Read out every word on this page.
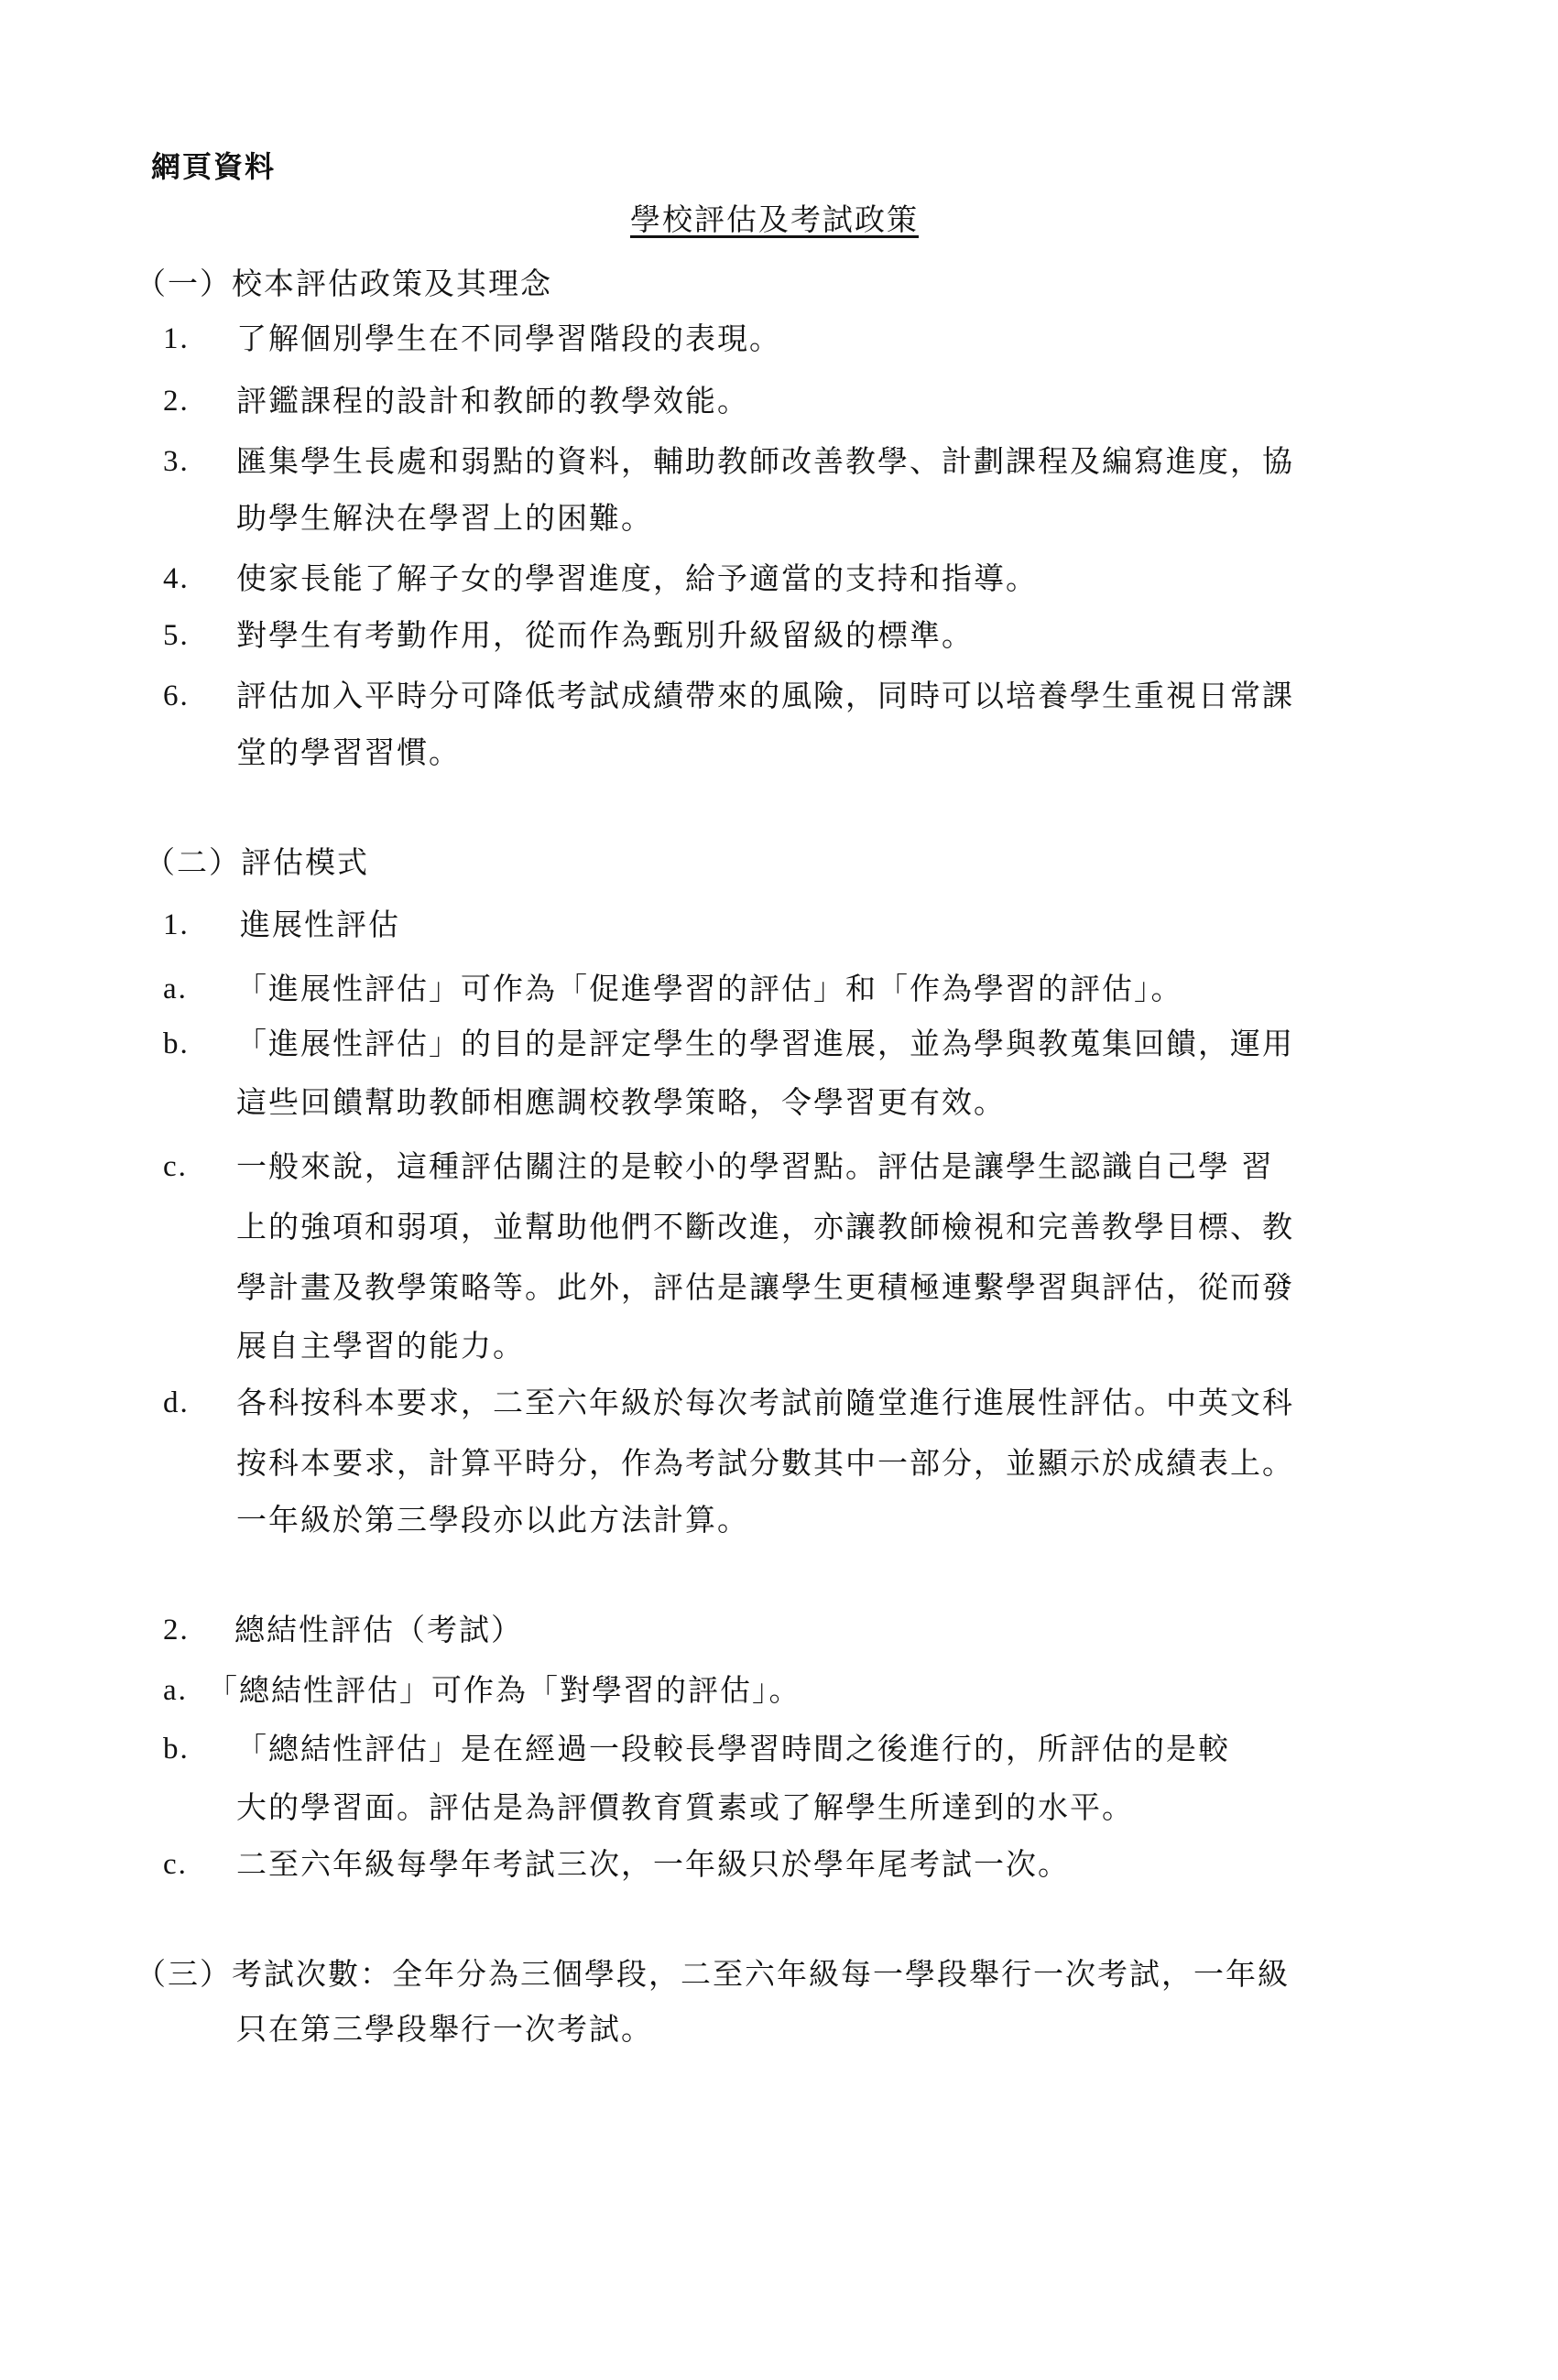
網頁資料
學校評估及考試政策
（一）校本評估政策及其理念
1. 了解個別學生在不同學習階段的表現。
2. 評鑑課程的設計和教師的教學效能。
3. 匯集學生長處和弱點的資料，輔助教師改善教學、計劃課程及編寫進度，協
助學生解決在學習上的困難。
4. 使家長能了解子女的學習進度，給予適當的支持和指導。
5. 對學生有考勤作用，從而作為甄別升級留級的標準。
6. 評估加入平時分可降低考試成績帶來的風險，同時可以培養學生重視日常課
堂的學習習慣。
（二）評估模式
1. 進展性評估
a. 「進展性評估」可作為「促進學習的評估」和「作為學習的評估」。
b. 「進展性評估」的目的是評定學生的學習進展，並為學與教蒐集回饋，運用
這些回饋幫助教師相應調校教學策略，令學習更有效。
c. 一般來說，這種評估關注的是較小的學習點。評估是讓學生認識自己學 習
上的強項和弱項，並幫助他們不斷改進，亦讓教師檢視和完善教學目標、教
學計畫及教學策略等。此外，評估是讓學生更積極連繫學習與評估，從而發
展自主學習的能力。
d. 各科按科本要求，二至六年級於每次考試前隨堂進行進展性評估。中英文科
按科本要求，計算平時分，作為考試分數其中一部分，並顯示於成績表上。
一年級於第三學段亦以此方法計算。
2. 總結性評估（考試）
a. 「總結性評估」可作為「對學習的評估」。
b. 「總結性評估」是在經過一段較長學習時間之後進行的，所評估的是較
大的學習面。評估是為評價教育質素或了解學生所達到的水平。
c. 二至六年級每學年考試三次，一年級只於學年尾考試一次。
（三）考試次數：全年分為三個學段，二至六年級每一學段舉行一次考試，一年級
只在第三學段舉行一次考試。
